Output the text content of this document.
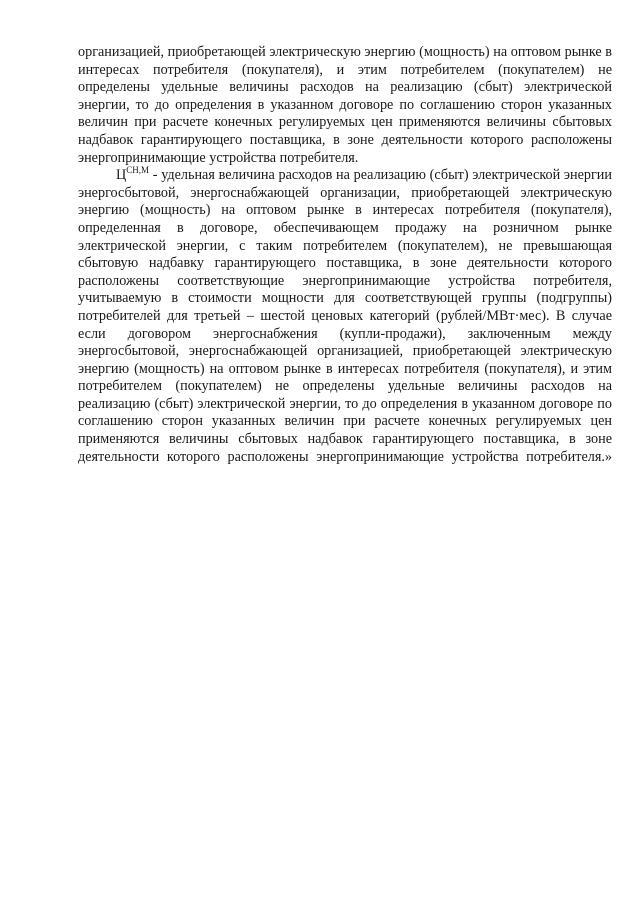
организацией, приобретающей электрическую энергию (мощность) на оптовом рынке в интересах потребителя (покупателя), и этим потребителем (покупателем) не определены удельные величины расходов на реализацию (сбыт) электрической энергии, то до определения в указанном договоре по соглашению сторон указанных величин при расчете конечных регулируемых цен применяются величины сбытовых надбавок гарантирующего поставщика, в зоне деятельности которого расположены энергопринимающие устройства потребителя.

$Ц^{СН,М}$ - удельная величина расходов на реализацию (сбыт) электрической энергии энергосбытовой, энергоснабжающей организации, приобретающей электрическую энергию (мощность) на оптовом рынке в интересах потребителя (покупателя), определенная в договоре, обеспечивающем продажу на розничном рынке электрической энергии, с таким потребителем (покупателем), не превышающая сбытовую надбавку гарантирующего поставщика, в зоне деятельности которого расположены соответствующие энергопринимающие устройства потребителя, учитываемую в стоимости мощности для соответствующей группы (подгруппы) потребителей для третьей – шестой ценовых категорий (рублей/МВт·мес). В случае если договором энергоснабжения (купли-продажи), заключенным между энергосбытовой, энергоснабжающей организацией, приобретающей электрическую энергию (мощность) на оптовом рынке в интересах потребителя (покупателя), и этим потребителем (покупателем) не определены удельные величины расходов на реализацию (сбыт) электрической энергии, то до определения в указанном договоре по соглашению сторон указанных величин при расчете конечных регулируемых цен применяются величины сбытовых надбавок гарантирующего поставщика, в зоне деятельности которого расположены энергопринимающие устройства потребителя.»
